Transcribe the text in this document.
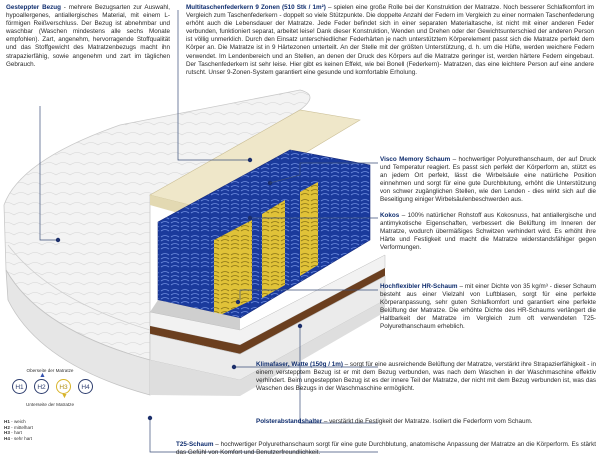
Gesteppter Bezug - mehrere Bezugsarten zur Auswahl, hypoallergenes, antiallergisches Material, mit einem L-förmigen Reißverschluss. Der Bezug ist abnehmbar und waschbar (Waschen mindestens alle sechs Monate empfohlen). Zart, angenehm, hervorragende Stoffqualität und das Stoffgewicht des Matratzenbezugs macht ihn strapazierfähig, sowie angenehm und zart im täglichen Gebrauch.
Multitaschenfederkern 9 Zonen (510 Stk / 1m²) – spielen eine große Rolle bei der Konstruktion der Matratze. Noch besserer Schlafkomfort im Vergleich zum Taschenfederkern - doppelt so viele Stützpunkte. Die doppelte Anzahl der Federn im Vergleich zu einer normalen Taschenfederung erhöht auch die Lebensdauer der Matratze. Jede Feder befindet sich in einer separaten Materialtasche, ist nicht mit einer anderen Feder verbunden, funktioniert separat, arbeitet leise! Dank dieser Konstruktion, Wenden und Drehen oder der Gewichtsunterschied der anderen Person ist völlig unmerklich. Durch den Einsatz unterschiedlicher Federhärten je nach unterstütztem Körperelement passt sich die Matratze perfekt dem Körper an. Die Matratze ist in 9 Härtezonen unterteilt. An der Stelle mit der größten Unterstützung, d. h. um die Hüfte, werden weichere Federn verwendet. Im Lendenbereich und an Stellen, an denen der Druck des Körpers auf die Matratze geringer ist, werden härtere Federn eingebaut. Der Taschenfederkern ist sehr leise. Hier gibt es keinen Effekt, wie bei Bonell (Federkern)- Matratzen, das eine leichtere Person auf eine andere rutscht. Unser 9-Zonen-System garantiert eine gesunde und komfortable Erholung.
Visco Memory Schaum – hochwertiger Polyurethanschaum, der auf Druck und Temperatur reagiert. Es passt sich perfekt der Körperform an, stützt es an jedem Ort perfekt, lässt die Wirbelsäule eine natürliche Position einnehmen und sorgt für eine gute Durchblutung, erhöht die Unterstützung von schwer zugänglichen Stellen, wie den Lenden - dies wirkt sich auf die Beseitigung einiger Wirbelsäulenbeschwerden aus.
Kokos – 100% natürlicher Rohstoff aus Kokosnuss, hat antiallergische und antimykotische Eigenschaften, verbessert die Belüftung im Inneren der Matratze, wodurch übermäßiges Schwitzen verhindert wird. Es erhöht ihre Härte und Festigkeit und macht die Matratze widerstandsfähiger gegen Verformungen.
Hochflexibler HR-Schaum – mit einer Dichte von 35 kg/m³ - dieser Schaum besteht aus einer Vielzahl von Luftblasen, sorgt für eine perfekte Körperanpassung, sehr guten Schlafkomfort und garantiert eine perfekte Belüftung der Matratze. Die erhöhte Dichte des HR-Schaums verlängert die Haltbarkeit der Matratze im Vergleich zum oft verwendeten T25-Polyurethanschaum erheblich.
Klimafaser, Watte (150g / 1m) – sorgt für eine ausreichende Belüftung der Matratze, verstärkt ihre Strapazierfähigkeit - in einem verstepptem Bezug ist er mit dem Bezug verbunden, was nach dem Waschen in der Waschmaschine effektiv verhindert. Beim ungesteppten Bezug ist es der innere Teil der Matratze, der nicht mit dem Bezug verbunden ist, was das Waschen des Bezugs in der Waschmaschine ermöglicht.
Polsterabstandshalter – verstärkt die Festigkeit der Matratze. Isoliert die Federform vom Schaum.
T25-Schaum – hochwertiger Polyurethanschaum sorgt für eine gute Durchblutung, anatomische Anpassung der Matratze an die Körperform. Es stärkt das Gefühl von Komfort und Benutzerfreundlichkeit.
Oberseite der Matratze
H1	H2	H3	H4
▲
▼
Unterseite der Matratze
H1 - weich
H2 - mittelhart
H3 - hart
H4 - sehr hart
